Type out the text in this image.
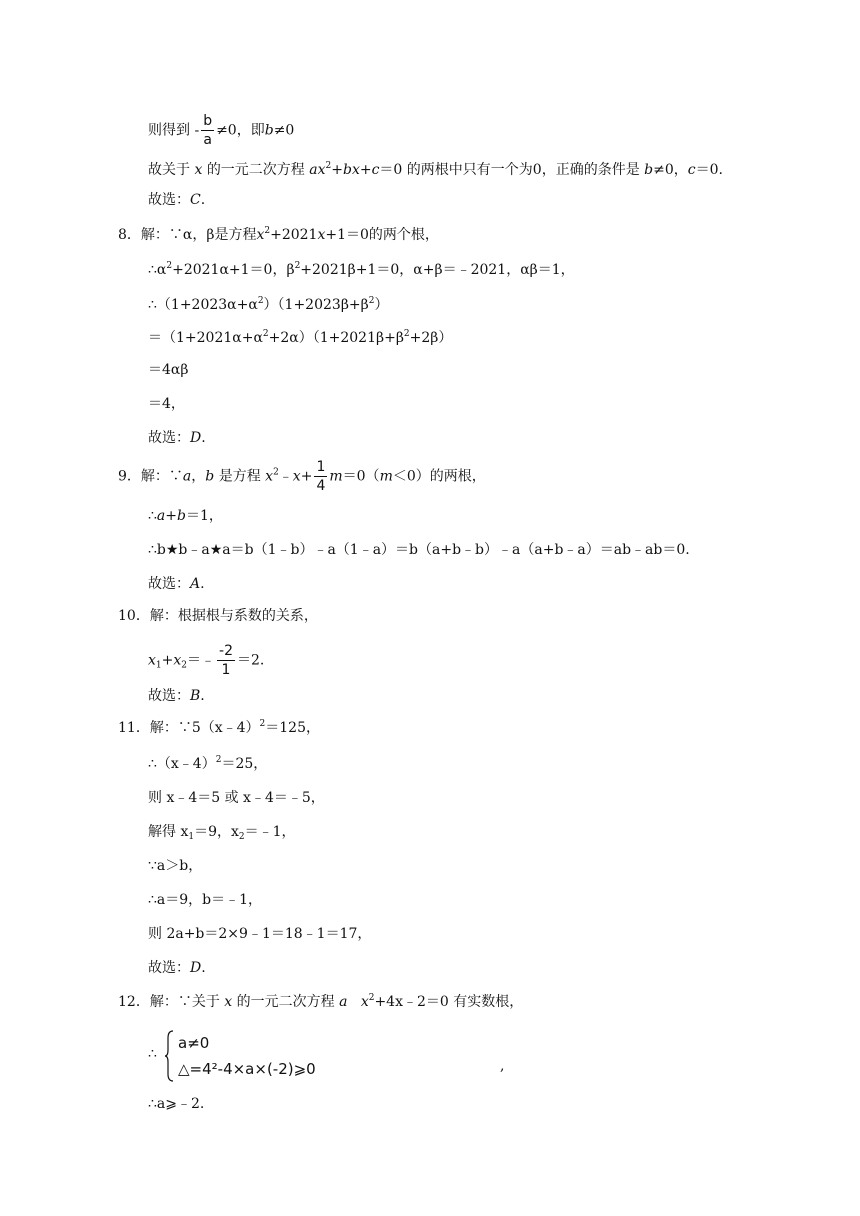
则得到 - $\frac{b}{a} \ne 0$，即b≠0
故关于 x 的一元二次方程 $ax^2+bx+c=0$ 的两根中只有一个为0，正确的条件是 b≠0，c＝0.
故选：C.
8．解：∵α，β是方程$x^2+2021x+1=0$的两个根，
$\therefore\alpha^2+2021\alpha+1=0$，$\beta^2+2021\beta+1=0$，α+β＝﹣2021，αβ＝1，
$\therefore(1+2023\alpha+\alpha^2)(1+2023\beta+\beta^2)$
$=(1+2021\alpha+\alpha^2+2\alpha)(1+2021\beta+\beta^2+2\beta)$
＝4αβ
＝4，
故选：D.
9．解：∵a，b 是方程 $x^2﹣x+ \frac{1}{4} m=0(m<0)$的两根，
∴a+b＝1，
∴b★b﹣a★a＝b（1﹣b）﹣a（1﹣a）＝b（a+b﹣b）﹣a（a+b﹣a）＝ab﹣ab＝0.
故选：A.
10．解：根据根与系数的关系，
$x_1+x_2=﹣ \frac{-2}{1} =2$.
故选：B.
11．解：∵5（x﹣4）$^2$＝125，
∴（x﹣4）$^2$＝25，
则 x﹣4＝5 或 x﹣4＝﹣5，
解得 $x_1=9$，$x_2=﹣1$，
∵a＞b，
∴a＝9，b＝﹣1，
则 2a+b＝2×9﹣1＝18﹣1＝17，
故选：D.
12．解：∵关于 x 的一元二次方程 a $x^2+4x﹣2=0$ 有实数根，
∴
a≠0
△=4²-4×a×(-2)⩾0	,
∴a⩾﹣2.
